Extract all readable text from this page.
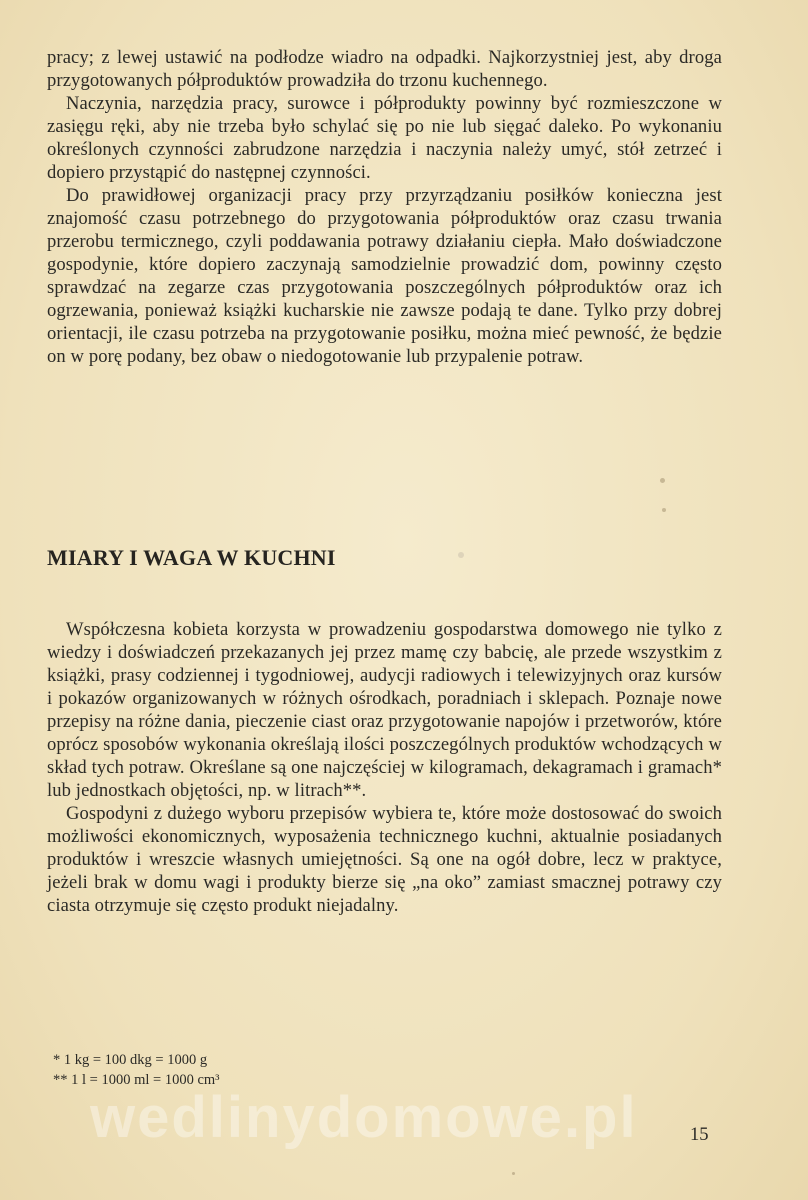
pracy; z lewej ustawić na podłodze wiadro na odpadki. Najkorzystniej jest, aby droga przygotowanych półproduktów prowadziła do trzonu kuchennego.

Naczynia, narzędzia pracy, surowce i półprodukty powinny być rozmieszczone w zasięgu ręki, aby nie trzeba było schylać się po nie lub sięgać daleko. Po wykonaniu określonych czynności zabrudzone narzędzia i naczynia należy umyć, stół zetrzeć i dopiero przystąpić do następnej czynności.

Do prawidłowej organizacji pracy przy przyrządzaniu posiłków konieczna jest znajomość czasu potrzebnego do przygotowania półproduktów oraz czasu trwania przerobu termicznego, czyli poddawania potrawy działaniu ciepła. Mało doświadczone gospodynie, które dopiero zaczynają samodzielnie prowadzić dom, powinny często sprawdzać na zegarze czas przygotowania poszczególnych półproduktów oraz ich ogrzewania, ponieważ książki kucharskie nie zawsze podają te dane. Tylko przy dobrej orientacji, ile czasu potrzeba na przygotowanie posiłku, można mieć pewność, że będzie on w porę podany, bez obaw o niedogotowanie lub przypalenie potraw.

MIARY I WAGA W KUCHNI

Współczesna kobieta korzysta w prowadzeniu gospodarstwa domowego nie tylko z wiedzy i doświadczeń przekazanych jej przez mamę czy babcię, ale przede wszystkim z książki, prasy codziennej i tygodniowej, audycji radiowych i telewizyjnych oraz kursów i pokazów organizowanych w różnych ośrodkach, poradniach i sklepach. Poznaje nowe przepisy na różne dania, pieczenie ciast oraz przygotowanie napojów i przetworów, które oprócz sposobów wykonania określają ilości poszczególnych produktów wchodzących w skład tych potraw. Określane są one najczęściej w kilogramach, dekagramach i gramach* lub jednostkach objętości, np. w litrach**.

Gospodyni z dużego wyboru przepisów wybiera te, które może dostosować do swoich możliwości ekonomicznych, wyposażenia technicznego kuchni, aktualnie posiadanych produktów i wreszcie własnych umiejętności. Są one na ogół dobre, lecz w praktyce, jeżeli brak w domu wagi i produkty bierze się „na oko” zamiast smacznej potrawy czy ciasta otrzymuje się często produkt niejadalny.

* 1 kg = 100 dkg = 1000 g
** 1 l = 1000 ml = 1000 cm³
wedlinydomowe.pl	15
